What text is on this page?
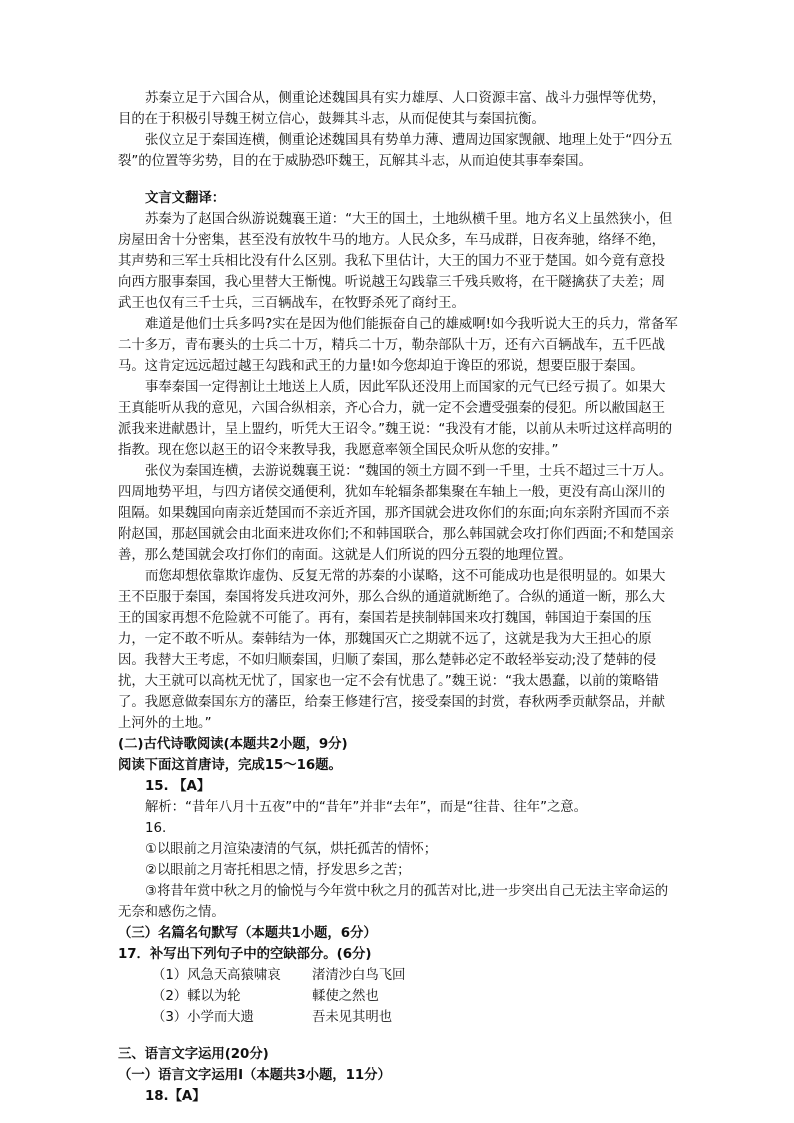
苏秦立足于六国合从，侧重论述魏国具有实力雄厚、人口资源丰富、战斗力强悍等优势，目的在于积极引导魏王树立信心，鼓舞其斗志，从而促使其与秦国抗衡。

张仪立足于秦国连横，侧重论述魏国具有势单力薄、遭周边国家觊觎、地理上处于“四分五裂”的位置等劣势，目的在于威胁恐吓魏王，瓦解其斗志，从而迫使其事奉秦国。

文言文翻译：

苏秦为了赵国合纵游说魏襄王道：“大王的国土，土地纵横千里。地方名义上虽然狭小，但房屋田舍十分密集，甚至没有放牧牛马的地方。人民众多，车马成群，日夜奔驰，络绎不绝，其声势和三军士兵相比没有什么区别。我私下里估计，大王的国力不亚于楚国。如今竟有意投向西方服事秦国，我心里替大王惭愧。听说越王勾践靠三千残兵败将，在干隧擒获了夫差；周武王也仅有三千士兵，三百辆战车，在牧野杀死了商纣王。

难道是他们士兵多吗?实在是因为他们能振奋自己的雄威啊!如今我听说大王的兵力，常备军二十多万，青布裹头的士兵二十万，精兵二十万，勒杂部队十万，还有六百辆战车，五千匹战马。这肯定远远超过越王勾践和武王的力量!如今您却迫于谗臣的邪说，想要臣服于秦国。

事奉秦国一定得割让土地送上人质，因此军队还没用上而国家的元气已经亏损了。如果大王真能听从我的意见，六国合纵相亲，齐心合力，就一定不会遭受强秦的侵犯。所以敝国赵王派我来进献愚计，呈上盟约，听凭大王诏令。”魏王说：“我没有才能，以前从未听过这样高明的指教。现在您以赵王的诏令来教导我，我愿意率领全国民众听从您的安排。”

张仪为秦国连横，去游说魏襄王说：“魏国的领土方圆不到一千里，士兵不超过三十万人。四周地势平坦，与四方诸侯交通便利，犹如车轮辐条都集聚在车轴上一般，更没有高山深川的阻隔。如果魏国向南亲近楚国而不亲近齐国，那齐国就会进攻你们的东面;向东亲附齐国而不亲附赵国，那赵国就会由北面来进攻你们;不和韩国联合，那么韩国就会攻打你们西面;不和楚国亲善，那么楚国就会攻打你们的南面。这就是人们所说的四分五裂的地理位置。

而您却想依靠欺诈虚伪、反复无常的苏秦的小谋略，这不可能成功也是很明显的。如果大王不臣服于秦国，秦国将发兵进攻河外，那么合纵的通道就断绝了。合纵的通道一断，那么大王的国家再想不危险就不可能了。再有，秦国若是挟制韩国来攻打魏国，韩国迫于秦国的压力，一定不敢不听从。秦韩结为一体，那魏国灭亡之期就不远了，这就是我为大王担心的原因。我替大王考虑，不如归顺秦国，归顺了秦国，那么楚韩必定不敢轻举妄动;没了楚韩的侵扰，大王就可以高枕无忧了，国家也一定不会有忧患了。”魏王说：“我太愚蠢，以前的策略错了。我愿意做秦国东方的藩臣，给秦王修建行宫，接受秦国的封赏，春秋两季贡献祭品，并献上河外的土地。”

(二)古代诗歌阅读(本题共2小题，9分)

阅读下面这首唐诗，完成15～16题。

15. 【A】

解析：“昔年八月十五夜”中的“昔年”并非“去年”，而是“往昔、往年”之意。

16.

①以眼前之月渲染凄清的气氛，烘托孤苦的情怀；

②以眼前之月寄托相思之情，抒发思乡之苦；

③将昔年赏中秋之月的愉悦与今年赏中秋之月的孤苦对比,进一步突出自己无法主宰命运的无奈和感伤之情。

（三）名篇名句默写（本题共1小题，6分）

17．补写出下列句子中的空缺部分。(6分)

（1）风急天高猿啸哀	渚清沙白鸟飞回

（2）輮以为轮	輮使之然也

（3）小学而大遗	吾未见其明也

三、语言文字运用(20分)

（一）语言文字运用Ⅰ（本题共3小题，11分）

18.【A】
